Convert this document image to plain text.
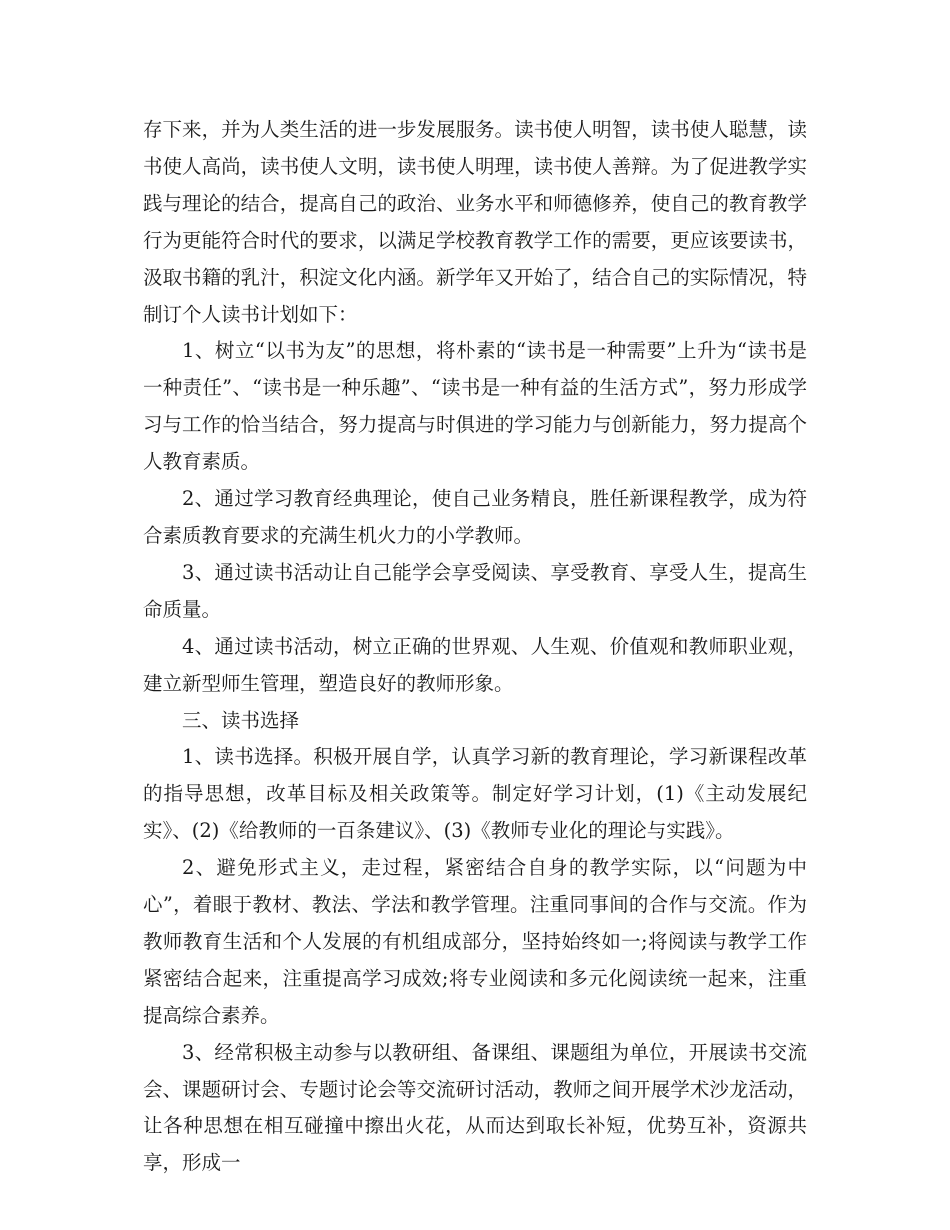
存下来，并为人类生活的进一步发展服务。读书使人明智，读书使人聪慧，读书使人高尚，读书使人文明，读书使人明理，读书使人善辩。为了促进教学实践与理论的结合，提高自己的政治、业务水平和师德修养，使自己的教育教学行为更能符合时代的要求，以满足学校教育教学工作的需要，更应该要读书，汲取书籍的乳汁，积淀文化内涵。新学年又开始了，结合自己的实际情况，特制订个人读书计划如下：

1、树立“以书为友”的思想，将朴素的“读书是一种需要”上升为“读书是一种责任”、“读书是一种乐趣”、“读书是一种有益的生活方式”，努力形成学习与工作的恰当结合，努力提高与时俱进的学习能力与创新能力，努力提高个人教育素质。

2、通过学习教育经典理论，使自己业务精良，胜任新课程教学，成为符合素质教育要求的充满生机火力的小学教师。

3、通过读书活动让自己能学会享受阅读、享受教育、享受人生，提高生命质量。

4、通过读书活动，树立正确的世界观、人生观、价值观和教师职业观，建立新型师生管理，塑造良好的教师形象。

三、读书选择

1、读书选择。积极开展自学，认真学习新的教育理论，学习新课程改革的指导思想，改革目标及相关政策等。制定好学习计划，(1)《主动发展纪实》、(2)《给教师的一百条建议》、(3)《教师专业化的理论与实践》。

2、避免形式主义，走过程，紧密结合自身的教学实际，以“问题为中心”，着眼于教材、教法、学法和教学管理。注重同事间的合作与交流。作为教师教育生活和个人发展的有机组成部分，坚持始终如一;将阅读与教学工作紧密结合起来，注重提高学习成效;将专业阅读和多元化阅读统一起来，注重提高综合素养。

3、经常积极主动参与以教研组、备课组、课题组为单位，开展读书交流会、课题研讨会、专题讨论会等交流研讨活动，教师之间开展学术沙龙活动，让各种思想在相互碰撞中擦出火花，从而达到取长补短，优势互补，资源共享，形成一
